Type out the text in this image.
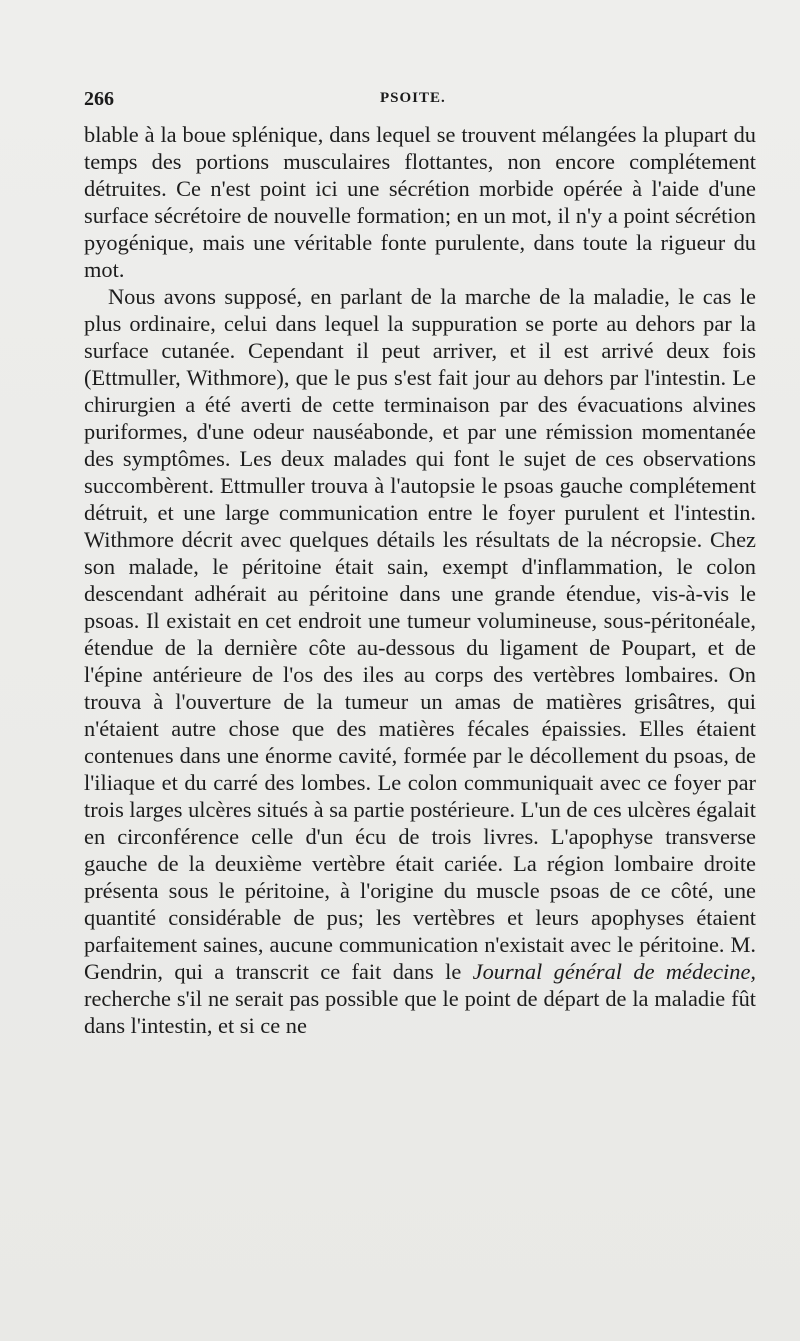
266	PSOITE.

blable à la boue splénique, dans lequel se trouvent mélangées la plupart du temps des portions musculaires flottantes, non encore complétement détruites. Ce n'est point ici une sécrétion morbide opérée à l'aide d'une surface sécrétoire de nouvelle formation; en un mot, il n'y a point sécrétion pyogénique, mais une véritable fonte purulente, dans toute la rigueur du mot.

Nous avons supposé, en parlant de la marche de la maladie, le cas le plus ordinaire, celui dans lequel la suppuration se porte au dehors par la surface cutanée. Cependant il peut arriver, et il est arrivé deux fois (Ettmuller, Withmore), que le pus s'est fait jour au dehors par l'intestin. Le chirurgien a été averti de cette terminaison par des évacuations alvines puriformes, d'une odeur nauséabonde, et par une rémission momentanée des symptômes. Les deux malades qui font le sujet de ces observations succombèrent. Ettmuller trouva à l'autopsie le psoas gauche complétement détruit, et une large communication entre le foyer purulent et l'intestin. Withmore décrit avec quelques détails les résultats de la nécropsie. Chez son malade, le péritoine était sain, exempt d'inflammation, le colon descendant adhérait au péritoine dans une grande étendue, vis-à-vis le psoas. Il existait en cet endroit une tumeur volumineuse, sous-péritonéale, étendue de la dernière côte au-dessous du ligament de Poupart, et de l'épine antérieure de l'os des iles au corps des vertèbres lombaires. On trouva à l'ouverture de la tumeur un amas de matières grisâtres, qui n'étaient autre chose que des matières fécales épaissies. Elles étaient contenues dans une énorme cavité, formée par le décollement du psoas, de l'iliaque et du carré des lombes. Le colon communiquait avec ce foyer par trois larges ulcères situés à sa partie postérieure. L'un de ces ulcères égalait en circonférence celle d'un écu de trois livres. L'apophyse transverse gauche de la deuxième vertèbre était cariée. La région lombaire droite présenta sous le péritoine, à l'origine du muscle psoas de ce côté, une quantité considérable de pus; les vertèbres et leurs apophyses étaient parfaitement saines, aucune communication n'existait avec le péritoine. M. Gendrin, qui a transcrit ce fait dans le Journal général de médecine, recherche s'il ne serait pas possible que le point de départ de la maladie fût dans l'intestin, et si ce ne
